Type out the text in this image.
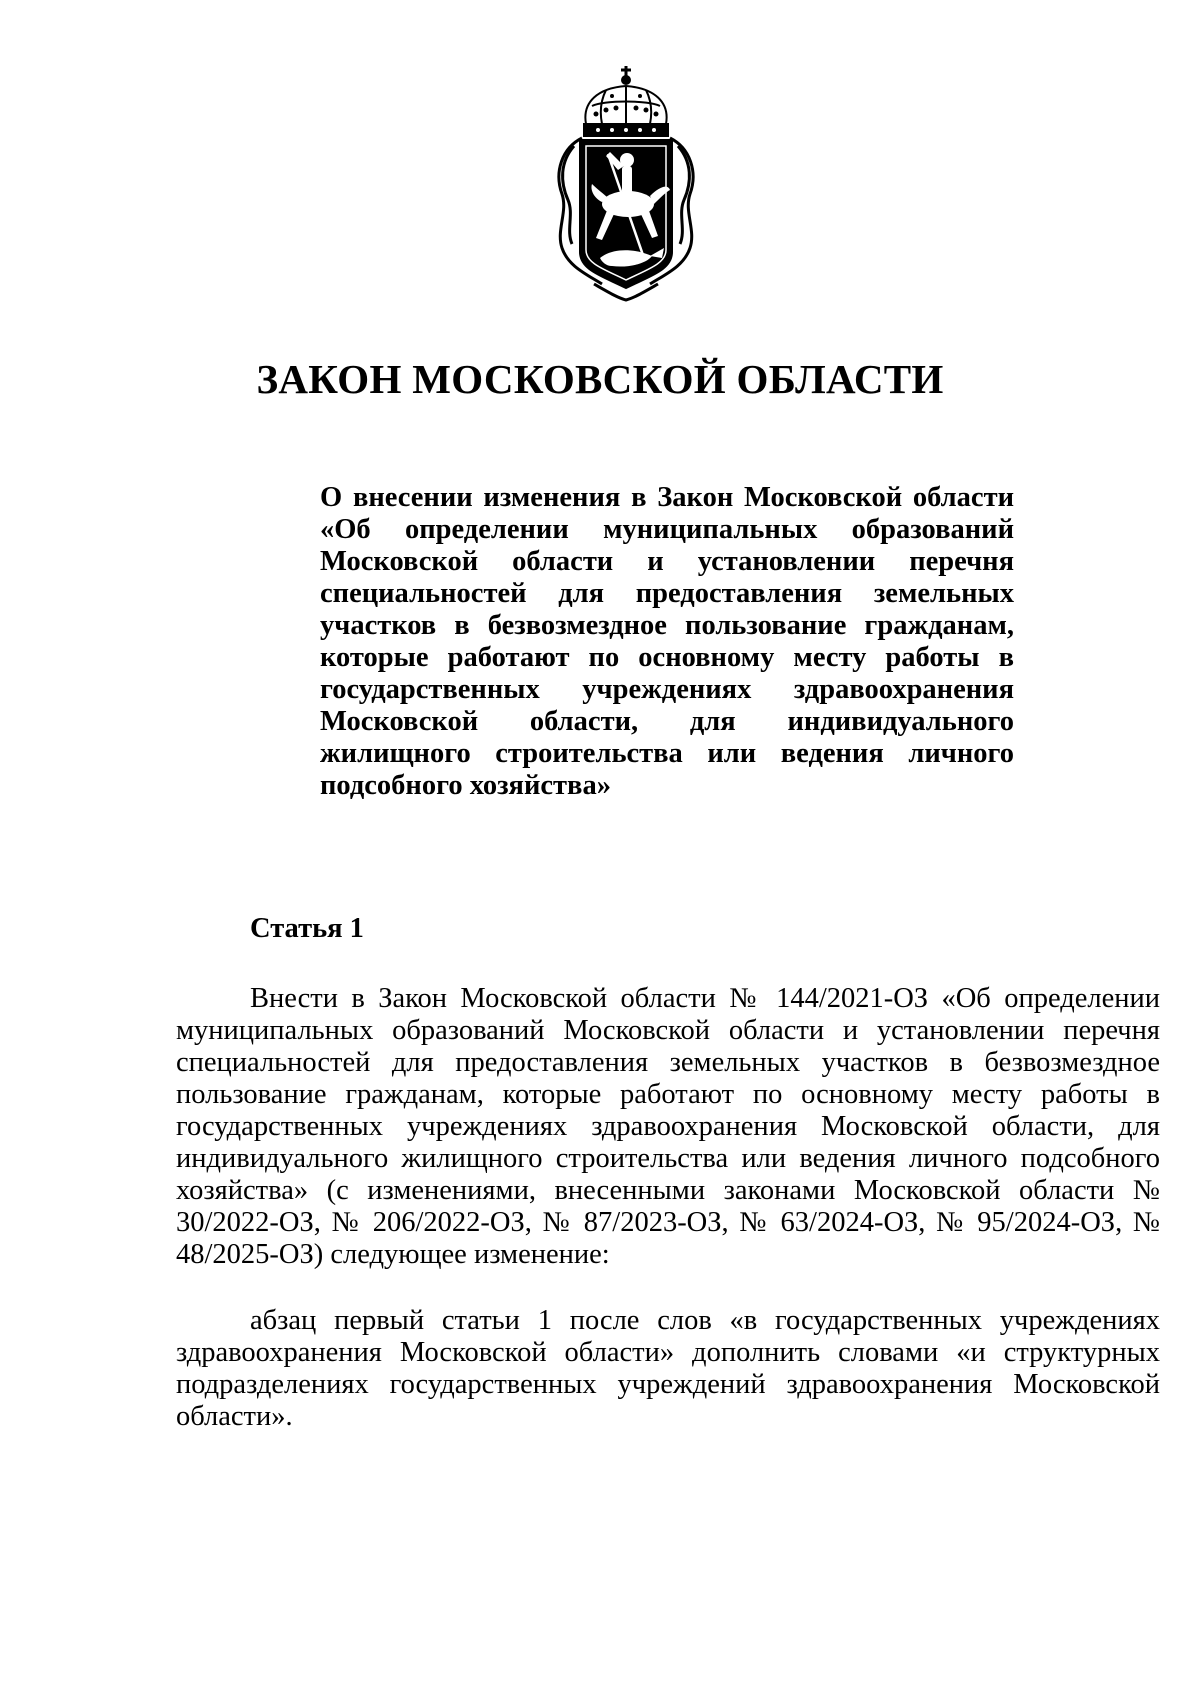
ЗАКОН МОСКОВСКОЙ ОБЛАСТИ

О внесении изменения в Закон Московской области «Об определении муниципальных образований Московской области и установлении перечня специальностей для предоставления земельных участков в безвозмездное пользование гражданам, которые работают по основному месту работы в государственных учреждениях здравоохранения Московской области, для индивидуального жилищного строительства или ведения личного подсобного хозяйства»

Статья 1

Внести в Закон Московской области № 144/2021-ОЗ «Об определении муниципальных образований Московской области и установлении перечня специальностей для предоставления земельных участков в безвозмездное пользование гражданам, которые работают по основному месту работы в государственных учреждениях здравоохранения Московской области, для индивидуального жилищного строительства или ведения личного подсобного хозяйства» (с изменениями, внесенными законами Московской области № 30/2022-ОЗ, № 206/2022-ОЗ, № 87/2023-ОЗ, № 63/2024-ОЗ, № 95/2024-ОЗ, № 48/2025-ОЗ) следующее изменение:

абзац первый статьи 1 после слов «в государственных учреждениях здравоохранения Московской области» дополнить словами «и структурных подразделениях государственных учреждений здравоохранения Московской области».
